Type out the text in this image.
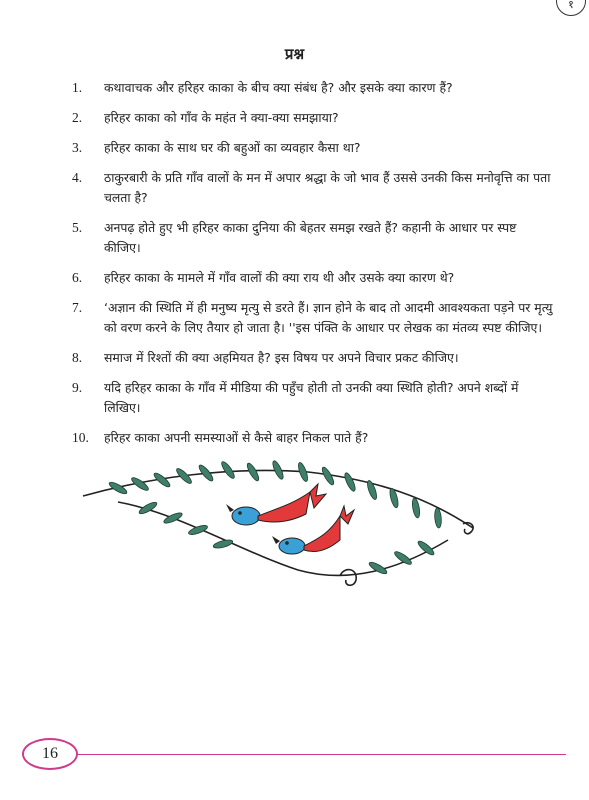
१
प्रश्न
1.	कथावाचक और हरिहर काका के बीच क्या संबंध है? और इसके क्या कारण हैं?
2.	हरिहर काका को गाँव के महंत ने क्या-क्या समझाया?
3.	हरिहर काका के साथ घर की बहुओं का व्यवहार कैसा था?
4.	ठाकुरबारी के प्रति गाँव वालों के मन में अपार श्रद्धा के जो भाव हैं उससे उनकी किस मनोवृत्ति का पता चलता है?
5.	अनपढ़ होते हुए भी हरिहर काका दुनिया की बेहतर समझ रखते हैं? कहानी के आधार पर स्पष्ट कीजिए।
6.	हरिहर काका के मामले में गाँव वालों की क्या राय थी और उसके क्या कारण थे?
7.	‘अज्ञान की स्थिति में ही मनुष्य मृत्यु से डरते हैं। ज्ञान होने के बाद तो आदमी आवश्यकता पड़ने पर मृत्यु को वरण करने के लिए तैयार हो जाता है। ''इस पंक्ति के आधार पर लेखक का मंतव्य स्पष्ट कीजिए।
8.	समाज में रिश्तों की क्या अहमियत है? इस विषय पर अपने विचार प्रकट कीजिए।
9.	यदि हरिहर काका के गाँव में मीडिया की पहुँच होती तो उनकी क्या स्थिति होती? अपने शब्दों में लिखिए।
10.	हरिहर काका अपनी समस्याओं से कैसे बाहर निकल पाते हैं?
16
